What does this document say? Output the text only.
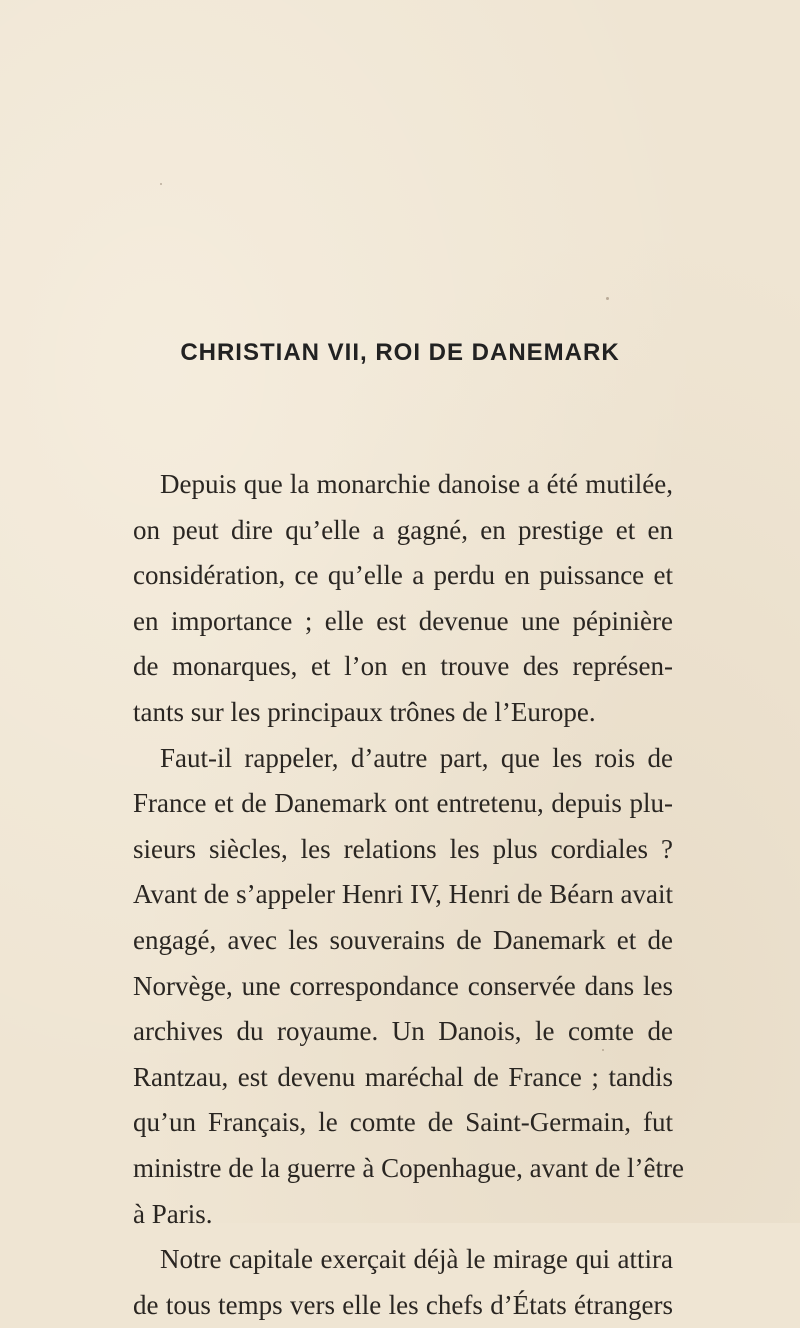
CHRISTIAN VII, ROI DE DANEMARK
Depuis que la monarchie danoise a été mutilée,
on peut dire qu’elle a gagné, en prestige et en
considération, ce qu’elle a perdu en puissance et
en importance ; elle est devenue une pépinière
de monarques, et l’on en trouve des représen-
tants sur les principaux trônes de l’Europe.
Faut-il rappeler, d’autre part, que les rois de
France et de Danemark ont entretenu, depuis plu-
sieurs siècles, les relations les plus cordiales ?
Avant de s’appeler Henri IV, Henri de Béarn avait
engagé, avec les souverains de Danemark et de
Norvège, une correspondance conservée dans les
archives du royaume. Un Danois, le comte de
Rantzau, est devenu maréchal de France ; tandis
qu’un Français, le comte de Saint-Germain, fut
ministre de la guerre à Copenhague, avant de l’être
à Paris.
Notre capitale exerçait déjà le mirage qui attira
de tous temps vers elle les chefs d’États étrangers
